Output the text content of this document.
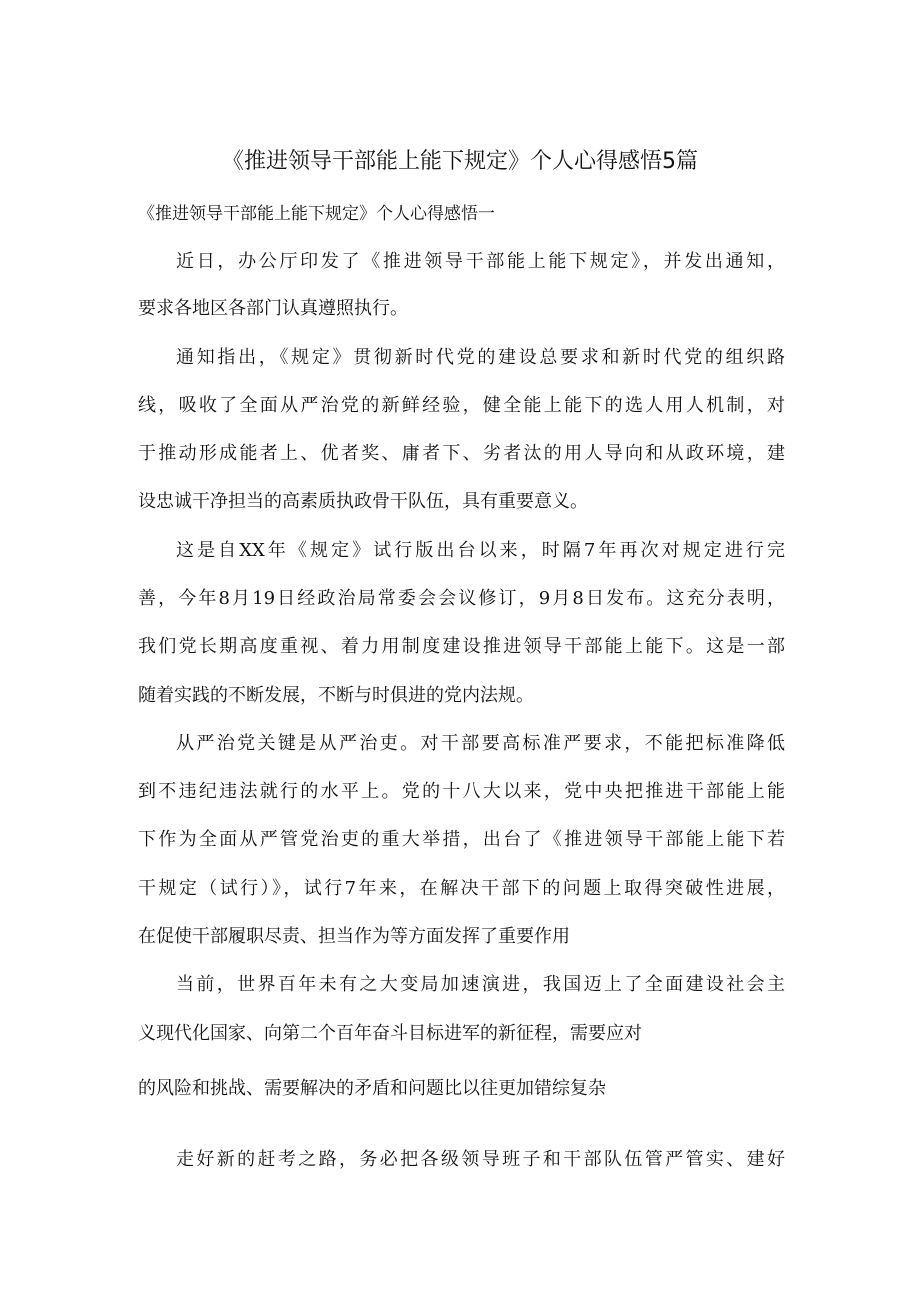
《推进领导干部能上能下规定》个人心得感悟5篇

《推进领导干部能上能下规定》个人心得感悟一

近日，办公厅印发了《推进领导干部能上能下规定》，并发出通知，

要求各地区各部门认真遵照执行。

通知指出，《规定》贯彻新时代党的建设总要求和新时代党的组织路

线，吸收了全面从严治党的新鲜经验，健全能上能下的选人用人机制，对

于推动形成能者上、优者奖、庸者下、劣者汰的用人导向和从政环境，建

设忠诚干净担当的高素质执政骨干队伍，具有重要意义。

这是自XX年《规定》试行版出台以来，时隔7年再次对规定进行完

善，今年8月19日经政治局常委会会议修订，9月8日发布。这充分表明，

我们党长期高度重视、着力用制度建设推进领导干部能上能下。这是一部

随着实践的不断发展，不断与时俱进的党内法规。

从严治党关键是从严治吏。对干部要高标准严要求，不能把标准降低

到不违纪违法就行的水平上。党的十八大以来，党中央把推进干部能上能

下作为全面从严管党治吏的重大举措，出台了《推进领导干部能上能下若

干规定（试行）》，试行7年来，在解决干部下的问题上取得突破性进展，

在促使干部履职尽责、担当作为等方面发挥了重要作用

当前，世界百年未有之大变局加速演进，我国迈上了全面建设社会主

义现代化国家、向第二个百年奋斗目标进军的新征程，需要应对

的风险和挑战、需要解决的矛盾和问题比以往更加错综复杂

走好新的赶考之路，务必把各级领导班子和干部队伍管严管实、建好
